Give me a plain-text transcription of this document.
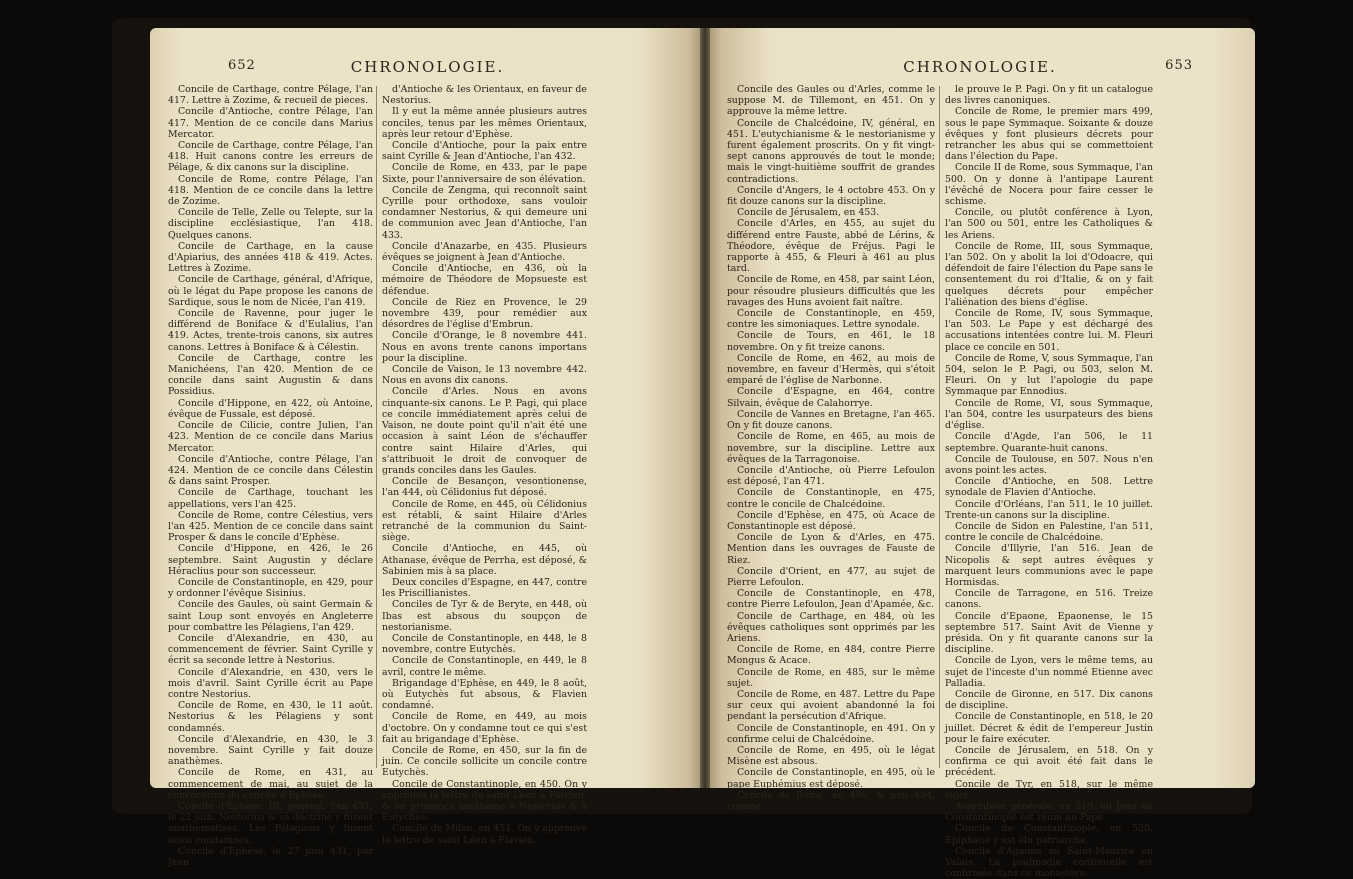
652	CHRONOLOGIE.

Concile de Carthage, contre Pélage, l'an 417. Lettre à Zozime, & recueil de pieces.

Concile d'Antioche, contre Pélage, l'an 417. Mention de ce concile dans Marius Mercator.

Concile de Carthage, contre Pélage, l'an 418. Huit canons contre les erreurs de Pélage, & dix canons sur la discipline.

Concile de Rome, contre Pélage, l'an 418. Mention de ce concile dans la lettre de Zozime.

Concile de Telle, Zelle ou Telepte, sur la discipline ecclésiastique, l'an 418. Quelques canons.

Concile de Carthage, en la cause d'Apiarius, des années 418 & 419. Actes. Lettres à Zozime.

Concile de Carthage, général, d'Afrique, où le légat du Pape propose les canons de Sardique, sous le nom de Nicée, l'an 419.

Concile de Ravenne, pour juger le différend de Boniface & d'Eulalius, l'an 419. Actes, trente-trois canons, six autres canons. Lettres à Boniface & à Célestin.

Concile de Carthage, contre les Manichéens, l'an 420. Mention de ce concile dans saint Augustin & dans Possidius.

Concile d'Hippone, en 422, où Antoine, évêque de Fussale, est déposé.

Concile de Cilicie, contre Julien, l'an 423. Mention de ce concile dans Marius Mercator.

Concile d'Antioche, contre Pélage, l'an 424. Mention de ce concile dans Célestin & dans saint Prosper.

Concile de Carthage, touchant les appellations, vers l'an 425.

Concile de Rome, contre Célestius, vers l'an 425. Mention de ce concile dans saint Prosper & dans le concile d'Ephèse.

Concile d'Hippone, en 426, le 26 septembre. Saint Augustin y déclare Héraclius pour son successeur.

Concile de Constantinople, en 429, pour y ordonner l'évêque Sisinius.

Concile des Gaules, où saint Germain & saint Loup sont envoyés en Angleterre pour combattre les Pélagiens, l'an 429.

Concile d'Alexandrie, en 430, au commencement de février. Saint Cyrille y écrit sa seconde lettre à Nestorius.

Concile d'Alexandrie, en 430, vers le mois d'avril. Saint Cyrille écrit au Pape contre Nestorius.

Concile de Rome, en 430, le 11 août. Nestorius & les Pélagiens y sont condamnés.

Concile d'Alexandrie, en 430, le 3 novembre. Saint Cyrille y fait douze anathèmes.

Concile de Rome, en 431, au commencement de mai, au sujet de la convocation du concile d'Ephèse.

Concile d'Ephèse, III, général, l'an 431, le 22 juin. Nestorius & sa doctrine y furent anathématisés. Les Pélagiens y furent aussi condamnés.

Concile d'Ephèse, le 27 juin 431, par Jean

d'Antioche & les Orientaux, en faveur de Nestorius.

Il y eut la même année plusieurs autres conciles, tenus par les mêmes Orientaux, après leur retour d'Ephèse.

Concile d'Antioche, pour la paix entre saint Cyrille & Jean d'Antioche, l'an 432.

Concile de Rome, en 433, par le pape Sixte, pour l'anniversaire de son élévation.

Concile de Zengma, qui reconnoît saint Cyrille pour orthodoxe, sans vouloir condamner Nestorius, & qui demeure uni de communion avec Jean d'Antioche, l'an 433.

Concile d'Anazarbe, en 435. Plusieurs évêques se joignent à Jean d'Antioche.

Concile d'Antioche, en 436, où la mémoire de Théodore de Mopsueste est défendue.

Concile de Riez en Provence, le 29 novembre 439, pour remédier aux désordres de l'église d'Embrun.

Concile d'Orange, le 8 novembre 441. Nous en avons trente canons importans pour la discipline.

Concile de Vaison, le 13 novembre 442. Nous en avons dix canons.

Concile d'Arles. Nous en avons cinquante-six canons. Le P. Pagi, qui place ce concile immédiatement après celui de Vaison, ne doute point qu'il n'ait été une occasion à saint Léon de s'échauffer contre saint Hilaire d'Arles, qui s'attribuoit le droit de convoquer de grands conciles dans les Gaules.

Concile de Besançon, vesontionense, l'an 444, où Célidonius fut déposé.

Concile de Rome, en 445, où Célidonius est rétabli, & saint Hilaire d'Arles retranché de la communion du Saint-siège.

Concile d'Antioche, en 445, où Athanase, évêque de Perrha, est déposé, & Sabinien mis à sa place.

Deux conciles d'Espagne, en 447, contre les Priscillianistes.

Conciles de Tyr & de Beryte, en 448, où Ibas est absous du soupçon de nestorianisme.

Concile de Constantinople, en 448, le 8 novembre, contre Eutychès.

Concile de Constantinople, en 449, le 8 avril, contre le même.

Brigandage d'Ephèse, en 449, le 8 août, où Eutychès fut absous, & Flavien condamné.

Concile de Rome, en 449, au mois d'octobre. On y condamne tout ce qui s'est fait au brigandage d'Ephèse.

Concile de Rome, en 450, sur la fin de juin. Ce concile sollicite un concile contre Eutychès.

Concile de Constantinople, en 450. On y approuva la lettre de saint Léon à Flavien, & on prononça anathème à Nestorius & à Eutychès.

Concile de Milan, en 451. On y approuve la lettre de saint Léon à Flavien.

CHRONOLOGIE.	653

Concile des Gaules ou d'Arles, comme le suppose M. de Tillemont, en 451. On y approuve la même lettre.

Concile de Chalcédoine, IV, général, en 451. L'eutychianisme & le nestorianisme y furent également proscrits. On y fit vingt-sept canons approuvés de tout le monde; mais le vingt-huitième souffrit de grandes contradictions.

Concile d'Angers, le 4 octobre 453. On y fit douze canons sur la discipline.

Concile de Jérusalem, en 453.

Concile d'Arles, en 455, au sujet du différend entre Fauste, abbé de Lérins, & Théodore, évêque de Fréjus. Pagi le rapporte à 455, & Fleuri à 461 au plus tard.

Concile de Rome, en 458, par saint Léon, pour résoudre plusieurs difficultés que les ravages des Huns avoient fait naître.

Concile de Constantinople, en 459, contre les simoniaques. Lettre synodale.

Concile de Tours, en 461, le 18 novembre. On y fit treize canons.

Concile de Rome, en 462, au mois de novembre, en faveur d'Hermès, qui s'étoit emparé de l'église de Narbonne.

Concile d'Espagne, en 464, contre Silvain, évêque de Calahorrye.

Concile de Vannes en Bretagne, l'an 465. On y fit douze canons.

Concile de Rome, en 465, au mois de novembre, sur la discipline. Lettre aux évêques de la Tarragonoise.

Concile d'Antioche, où Pierre Lefoulon est déposé, l'an 471.

Concile de Constantinople, en 475, contre le concile de Chalcédoine.

Concile d'Ephèse, en 475, où Acace de Constantinople est déposé.

Concile de Lyon & d'Arles, en 475. Mention dans les ouvrages de Fauste de Riez.

Concile d'Orient, en 477, au sujet de Pierre Lefoulon.

Concile de Constantinople, en 478, contre Pierre Lefoulon, Jean d'Apamée, &c.

Concile de Carthage, en 484, où les évêques catholiques sont opprimés par les Ariens.

Concile de Rome, en 484, contre Pierre Mongus & Acace.

Concile de Rome, en 485, sur le même sujet.

Concile de Rome, en 487. Lettre du Pape sur ceux qui avoient abandonné la foi pendant la persécution d'Afrique.

Concile de Constantinople, en 491. On y confirme celui de Chalcédoine.

Concile de Rome, en 495, où le légat Misène est absous.

Concile de Constantinople, en 495, où le pape Euphémius est déposé.

Concile de Rome, en 496, & non 494, comme

le prouve le P. Pagi. On y fit un catalogue des livres canoniques.

Concile de Rome, le premier mars 499, sous le pape Symmaque. Soixante & douze évêques y font plusieurs décrets pour retrancher les abus qui se commettoient dans l'élection du Pape.

Concile II de Rome, sous Symmaque, l'an 500. On y donne à l'antipape Laurent l'évêché de Nocera pour faire cesser le schisme.

Concile, ou plutôt conférence à Lyon, l'an 500 ou 501, entre les Catholiques & les Ariens.

Concile de Rome, III, sous Symmaque, l'an 502. On y abolit la loi d'Odoacre, qui défendoit de faire l'élection du Pape sans le consentement du roi d'Italie, & on y fait quelques décrets pour empêcher l'aliénation des biens d'église.

Concile de Rome, IV, sous Symmaque, l'an 503. Le Pape y est déchargé des accusations intentées contre lui. M. Fleuri place ce concile en 501.

Concile de Rome, V, sous Symmaque, l'an 504, selon le P. Pagi, ou 503, selon M. Fleuri. On y lut l'apologie du pape Symmaque par Ennodius.

Concile de Rome, VI, sous Symmaque, l'an 504, contre les usurpateurs des biens d'église.

Concile d'Agde, l'an 506, le 11 septembre. Quarante-huit canons.

Concile de Toulouse, en 507. Nous n'en avons point les actes.

Concile d'Antioche, en 508. Lettre synodale de Flavien d'Antioche.

Concile d'Orléans, l'an 511, le 10 juillet. Trente-un canons sur la discipline.

Concile de Sidon en Palestine, l'an 511, contre le concile de Chalcédoine.

Concile d'Illyrie, l'an 516. Jean de Nicopolis & sept autres évêques y marquent leurs communions avec le pape Hormisdas.

Concile de Tarragone, en 516. Treize canons.

Concile d'Epaone, Epaonense, le 15 septembre 517. Saint Avit de Vienne y présida. On y fit quarante canons sur la discipline.

Concile de Lyon, vers le même tems, au sujet de l'inceste d'un nommé Etienne avec Palladia.

Concile de Gironne, en 517. Dix canons de discipline.

Concile de Constantinople, en 518, le 20 juillet. Décret & édit de l'empereur Justin pour le faire exécuter.

Concile de Jérusalem, en 518. On y confirma ce qui avoit été fait dans le précédent.

Concile de Tyr, en 518, sur le même sujet.

Assemblée générale, en 519, où Jean de Constantinople est réuni au Pape.

Concile de Constantinople, en 520. Epiphane y est élu patriarche.

Concile d'Agaune ou Saint-Maurice en Valais. La psalmodie continuelle est confirmée dans ce monastère.
